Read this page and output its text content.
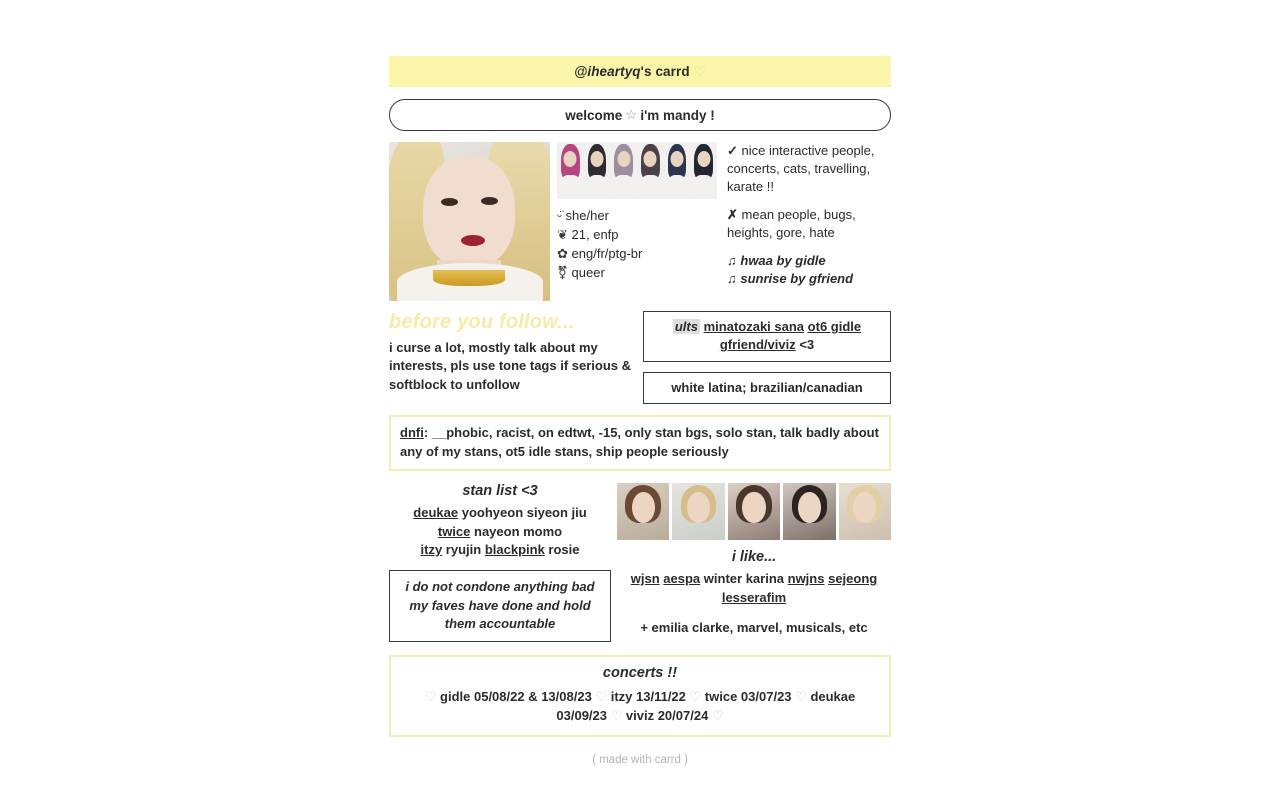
@iheartyq 's carrd ♡
welcome ☆ i'm mandy !
ᵕ̈ she/her
❦ 21, enfp
✿ eng/fr/ptg-br
⚧ queer

✓ nice interactive people, concerts, cats, travelling, karate !!

✗ mean people, bugs, heights, gore, hate

♫ hwaa by gidle

♫ sunrise by gfriend

before you follow...
i curse a lot, mostly talk about my interests, pls use tone tags if serious & softblock to unfollow
ults minatozaki sana ot6 gidle gfriend/viviz <3
white latina; brazilian/canadian
dnfi: __phobic, racist, on edtwt, -15, only stan bgs, solo stan, talk badly about any of my stans, ot5 idle stans, ship people seriously
stan list <3
deukae yoohyeon siyeon jiu
twice nayeon momo
itzy ryujin blackpink rosie
i do not condone anything bad my faves have done and hold them accountable
i like...
wjsn aespa winter karina nwjns sejeong
lesserafim
+ emilia clarke, marvel, musicals, etc
concerts !!
♡ gidle 05/08/22 & 13/08/23 ♡ itzy 13/11/22 ♡ twice 03/07/23 ♡ deukae 03/09/23 ♡ viviz 20/07/24 ♡
( made with carrd )
